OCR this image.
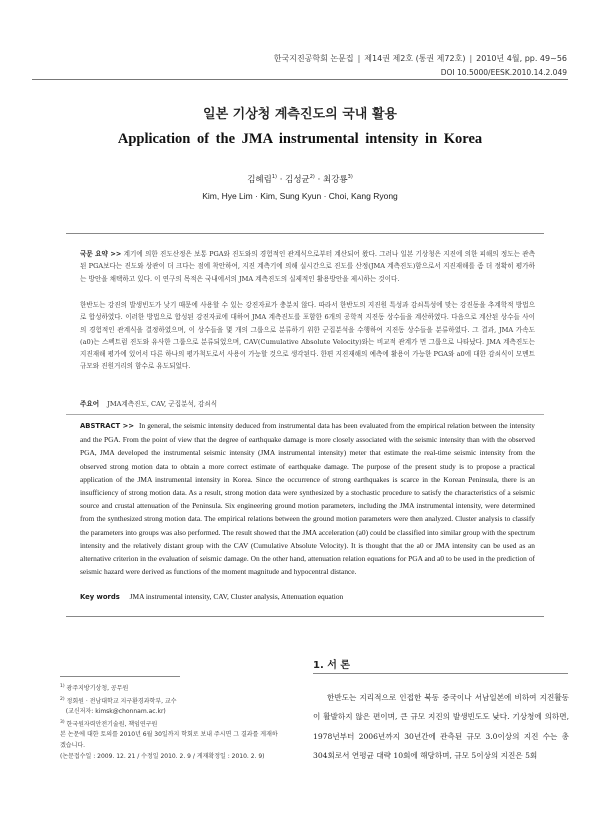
한국지진공학회 논문집 | 제14권 제2호 (통권 제72호) | 2010년 4월, pp. 49~56
DOI 10.5000/EESK.2010.14.2.049
일본 기상청 계측진도의 국내 활용
Application of the JMA instrumental intensity in Korea
김혜림$^{1)}$ · 김성균$^{2)}$ · 최강룡$^{3)}$
Kim, Hye Lim · Kim, Sung Kyun · Choi, Kang Ryong
국문 요약 >> 계기에 의한 진도산정은 보통 PGA와 진도와의 경험적인 관계식으로부터 계산되어 왔다. 그러나 일본 기상청은 지진에 의한 피해의 정도는 관측된 PGA보다는 진도와 상관이 더 크다는 점에 착안하여, 지진 계측기에 의해 실시간으로 진도를 산정(JMA 계측진도)함으로서 지진재해를 좀 더 정확히 평가하는 방안을 채택하고 있다. 이 연구의 목적은 국내에서의 JMA 계측진도의 실제적인 활용방안을 제시하는 것이다.
한반도는 강진의 발생빈도가 낮기 때문에 사용할 수 있는 강진자료가 충분치 않다. 따라서 한반도의 지진원 특성과 감쇠특성에 맞는 강진동을 추계학적 방법으로 합성하였다. 이러한 방법으로 합성된 강진자료에 대하여 JMA 계측진도를 포함한 6개의 공학적 지진동 상수들을 계산하였다. 다음으로 계산된 상수들 사이의 경험적인 관계식을 결정하였으며, 이 상수들을 몇 개의 그룹으로 분류하기 위한 군집분석을 수행하여 지진동 상수들을 분류하였다. 그 결과, JMA 가속도 (a0)는 스펙트럼 진도와 유사한 그룹으로 분류되었으며, CAV(Cumulative Absolute Velocity)와는 비교적 관계가 먼 그룹으로 나타났다. JMA 계측진도는 지진재해 평가에 있어서 다른 하나의 평가척도로서 사용이 가능할 것으로 생각된다. 한편 지진재해의 예측에 활용이 가능한 PGA와 a0에 대한 감쇠식이 모멘트 규모와 진원거리의 함수로 유도되었다.
주요어 JMA계측진도, CAV, 군집분석, 감쇠식
ABSTRACT >> In general, the seismic intensity deduced from instrumental data has been evaluated from the empirical relation between the intensity and the PGA. From the point of view that the degree of earthquake damage is more closely associated with the seismic intensity than with the observed PGA, JMA developed the instrumental seismic intensity (JMA instrumental intensity) meter that estimate the real-time seismic intensity from the observed strong motion data to obtain a more correct estimate of earthquake damage. The purpose of the present study is to propose a practical application of the JMA instrumental intensity in Korea. Since the occurrence of strong earthquakes is scarce in the Korean Peninsula, there is an insufficiency of strong motion data. As a result, strong motion data were synthesized by a stochastic procedure to satisfy the characteristics of a seismic source and crustal attenuation of the Peninsula. Six engineering ground motion parameters, including the JMA instrumental intensity, were determined from the synthesized strong motion data. The empirical relations between the ground motion parameters were then analyzed. Cluster analysis to classify the parameters into groups was also performed. The result showed that the JMA acceleration (a0) could be classified into similar group with the spectrum intensity and the relatively distant group with the CAV (Cumulative Absolute Velocity). It is thought that the a0 or JMA intensity can be used as an alternative criterion in the evaluation of seismic damage. On the other hand, attenuation relation equations for PGA and a0 to be used in the prediction of seismic hazard were derived as functions of the moment magnitude and hypocentral distance.
Key words JMA instrumental intensity, CAV, Cluster analysis, Attenuation equation
$^{1)}$ 광주지방기상청, 공무원
$^{2)}$ 정회원 · 전남대학교 지구환경과학부, 교수
(교신저자: kimsk@chonnam.ac.kr)
$^{3)}$ 한국원자력안전기술원, 책임연구원
본 논문에 대한 토의를 2010년 6월 30일까지 학회로 보내 주시면 그 결과를 게재하겠습니다.
(논문접수일 : 2009. 12. 21 / 수정일 2010. 2. 9 / 게재확정일 : 2010. 2. 9)
1. 서 론
한반도는 지리적으로 인접한 북동 중국이나 서남일본에 비하여 지진활동이 활발하지 않은 편이며, 큰 규모 지진의 발생빈도도 낮다. 기상청에 의하면, 1978년부터 2006년까지 30년간에 관측된 규모 3.0이상의 지진 수는 총 304회로서 연평균 대략 10회에 해당하며, 규모 5이상의 지진은 5회
